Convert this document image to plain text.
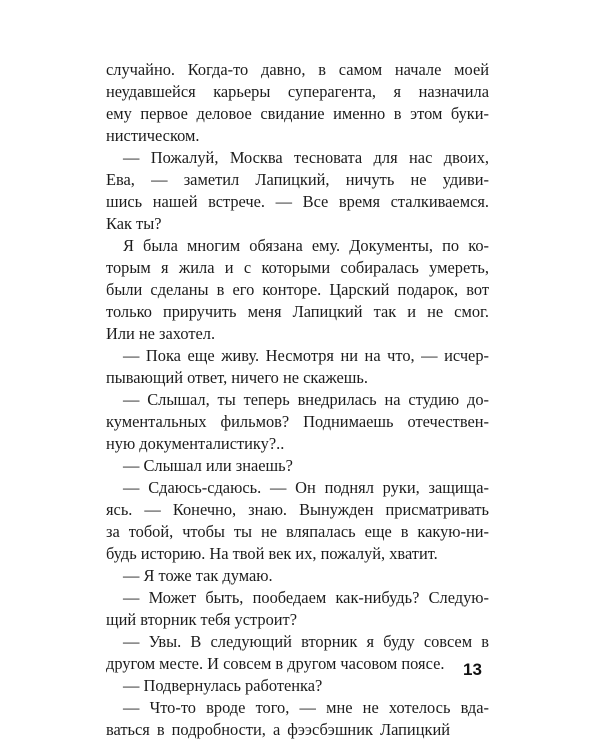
случайно. Когда-то давно, в самом начале моей
неудавшейся карьеры суперагента, я назначила
ему первое деловое свидание именно в этом буки-
нистическом.
— Пожалуй, Москва тесновата для нас двоих,
Ева, — заметил Лапицкий, ничуть не удиви-
шись нашей встрече. — Все время сталкиваемся.
Как ты?
Я была многим обязана ему. Документы, по ко-
торым я жила и с которыми собиралась умереть,
были сделаны в его конторе. Царский подарок, вот
только приручить меня Лапицкий так и не смог.
Или не захотел.
— Пока еще живу. Несмотря ни на что, — исчер-
пывающий ответ, ничего не скажешь.
— Слышал, ты теперь внедрилась на студию до-
кументальных фильмов? Поднимаешь отечествен-
ную документалистику?..
— Слышал или знаешь?
— Сдаюсь-сдаюсь. — Он поднял руки, защища-
ясь. — Конечно, знаю. Вынужден присматривать
за тобой, чтобы ты не вляпалась еще в какую-ни-
будь историю. На твой век их, пожалуй, хватит.
— Я тоже так думаю.
— Может быть, пообедаем как-нибудь? Следую-
щий вторник тебя устроит?
— Увы. В следующий вторник я буду совсем в
другом месте. И совсем в другом часовом поясе.
— Подвернулась работенка?
— Что-то вроде того, — мне не хотелось вда-
ваться в подробности, а фээсбэшник Лапицкий
13
